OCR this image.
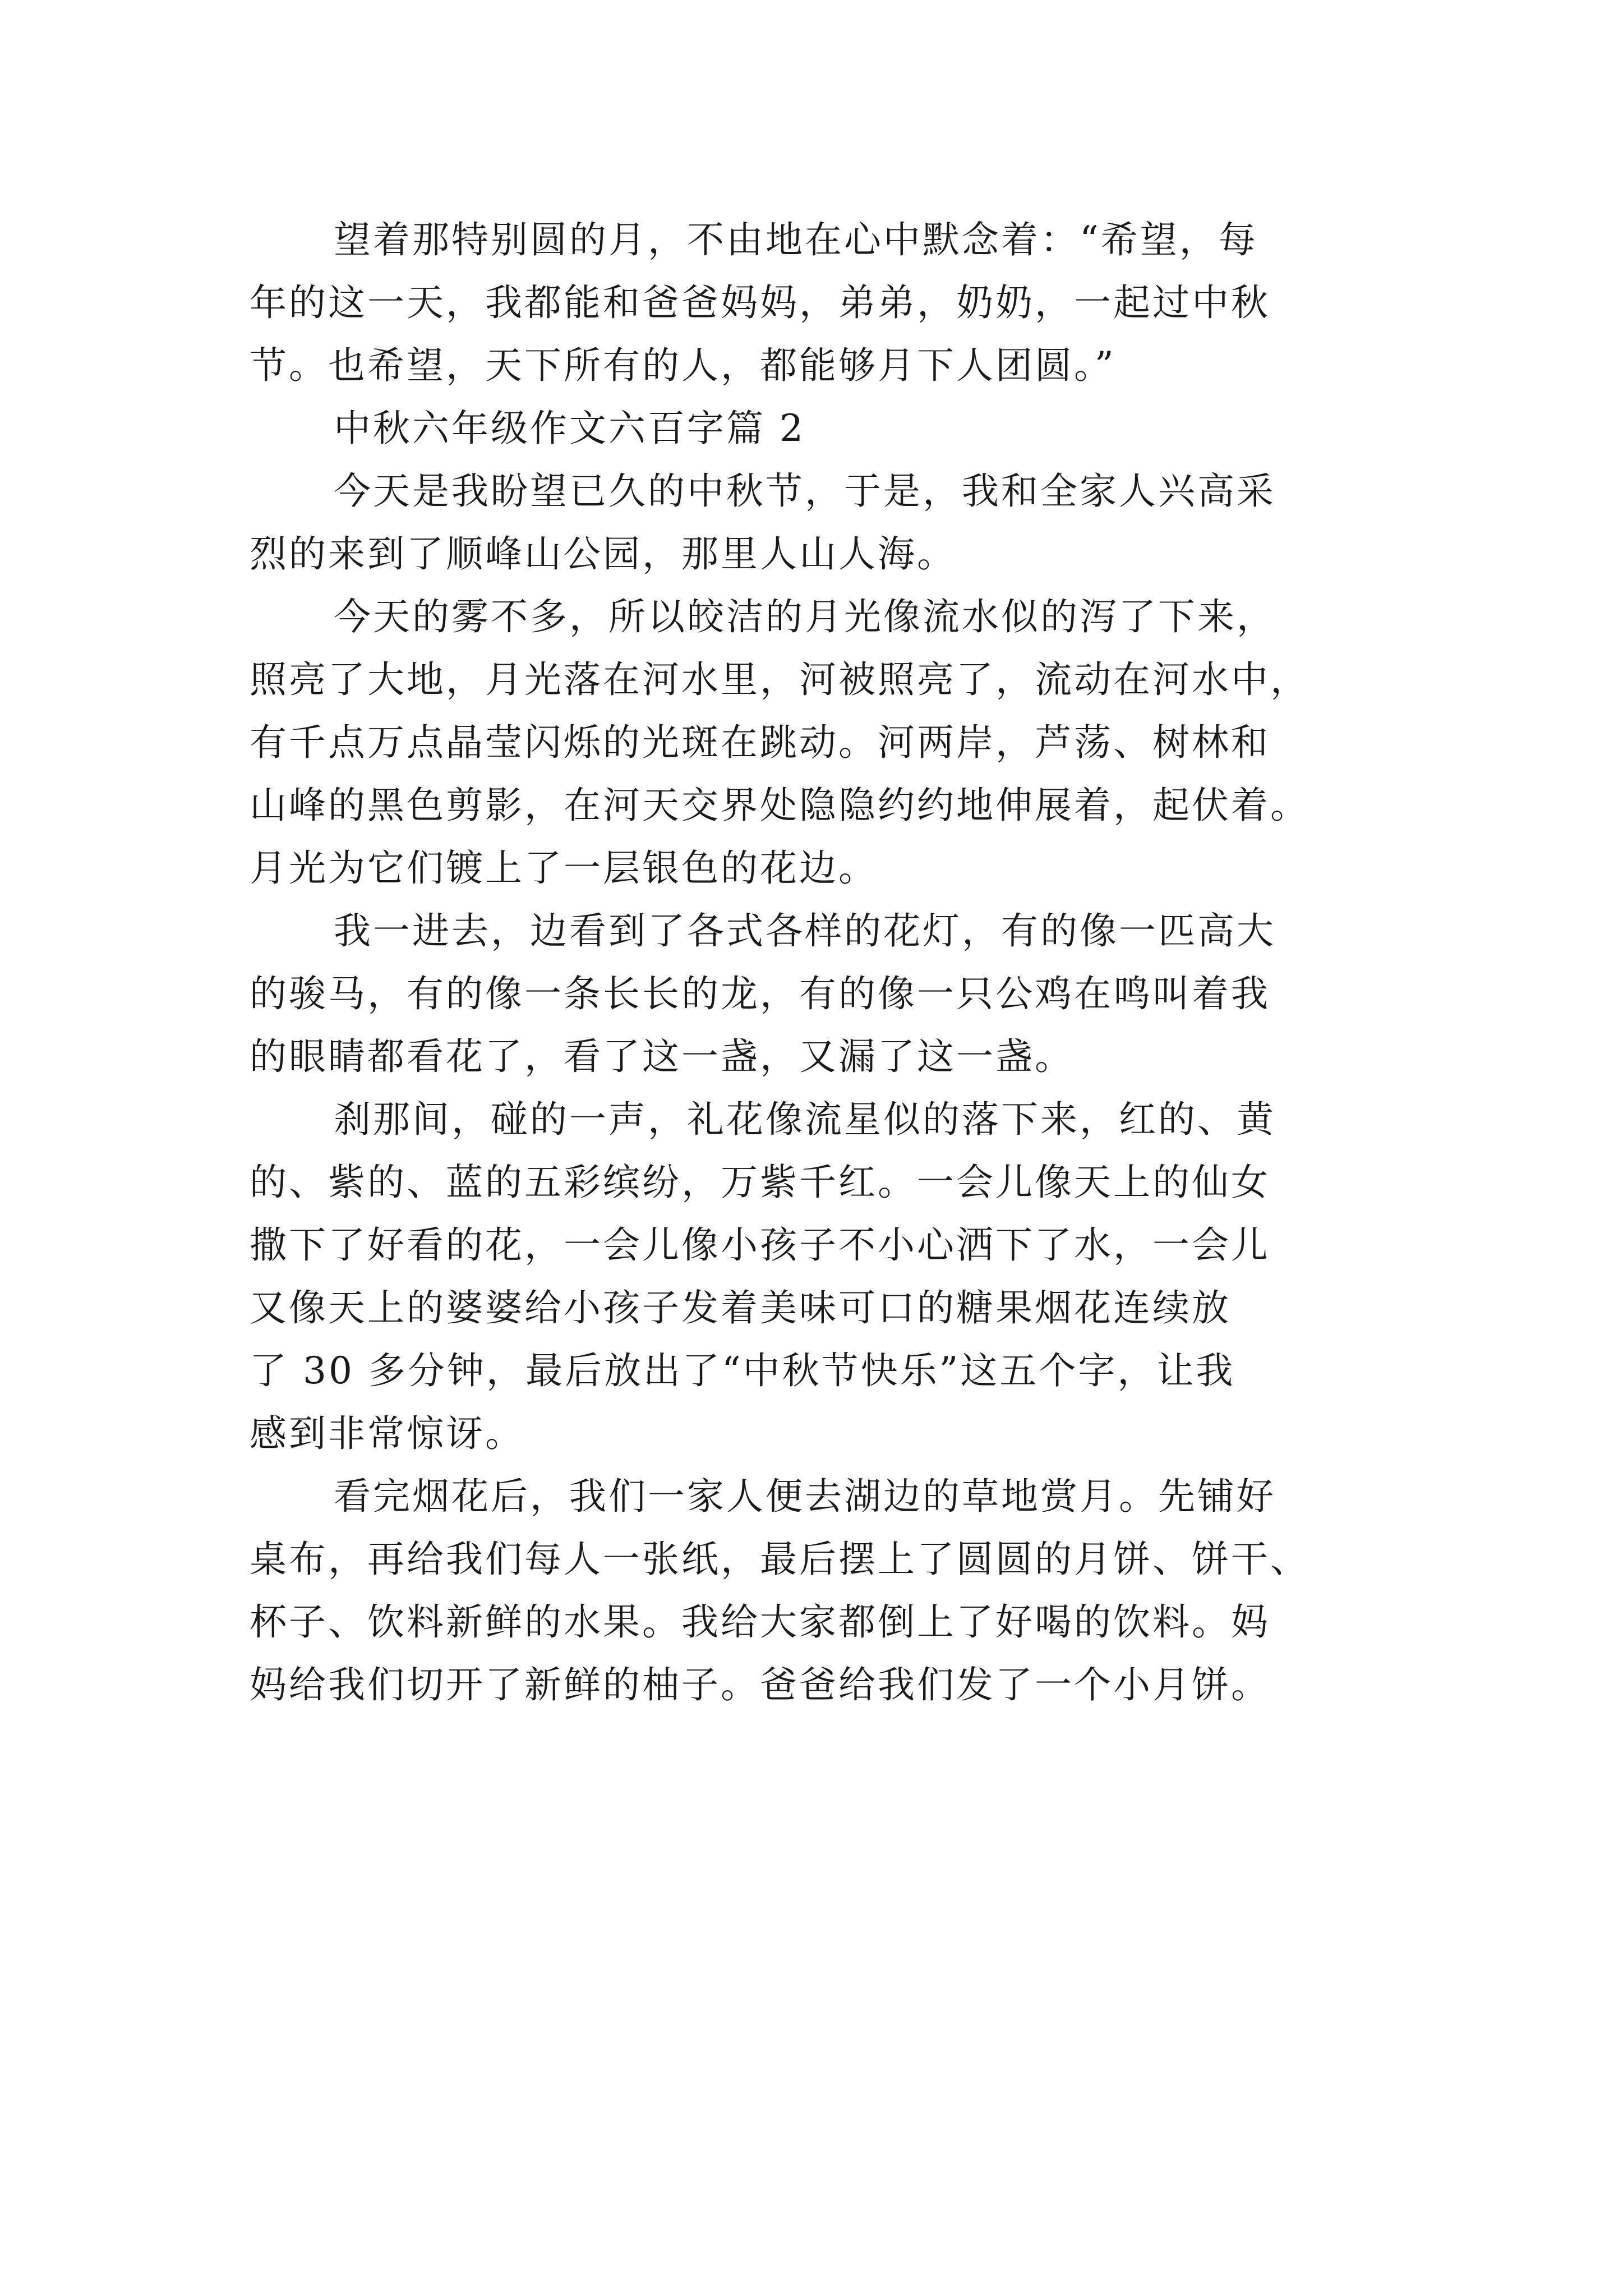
望着那特别圆的月，不由地在心中默念着：“希望，每
年的这一天，我都能和爸爸妈妈，弟弟，奶奶，一起过中秋
节。也希望，天下所有的人，都能够月下人团圆。”
中秋六年级作文六百字篇 2
今天是我盼望已久的中秋节，于是，我和全家人兴高采
烈的来到了顺峰山公园，那里人山人海。
今天的雾不多，所以皎洁的月光像流水似的泻了下来，
照亮了大地，月光落在河水里，河被照亮了，流动在河水中，
有千点万点晶莹闪烁的光斑在跳动。河两岸，芦荡、树林和
山峰的黑色剪影，在河天交界处隐隐约约地伸展着，起伏着。
月光为它们镀上了一层银色的花边。
我一进去，边看到了各式各样的花灯，有的像一匹高大
的骏马，有的像一条长长的龙，有的像一只公鸡在鸣叫着我
的眼睛都看花了，看了这一盏，又漏了这一盏。
刹那间，碰的一声，礼花像流星似的落下来，红的、黄
的、紫的、蓝的五彩缤纷，万紫千红。一会儿像天上的仙女
撒下了好看的花，一会儿像小孩子不小心洒下了水，一会儿
又像天上的婆婆给小孩子发着美味可口的糖果烟花连续放
了 30 多分钟，最后放出了“中秋节快乐”这五个字，让我
感到非常惊讶。
看完烟花后，我们一家人便去湖边的草地赏月。先铺好
桌布，再给我们每人一张纸，最后摆上了圆圆的月饼、饼干、
杯子、饮料新鲜的水果。我给大家都倒上了好喝的饮料。妈
妈给我们切开了新鲜的柚子。爸爸给我们发了一个小月饼。
